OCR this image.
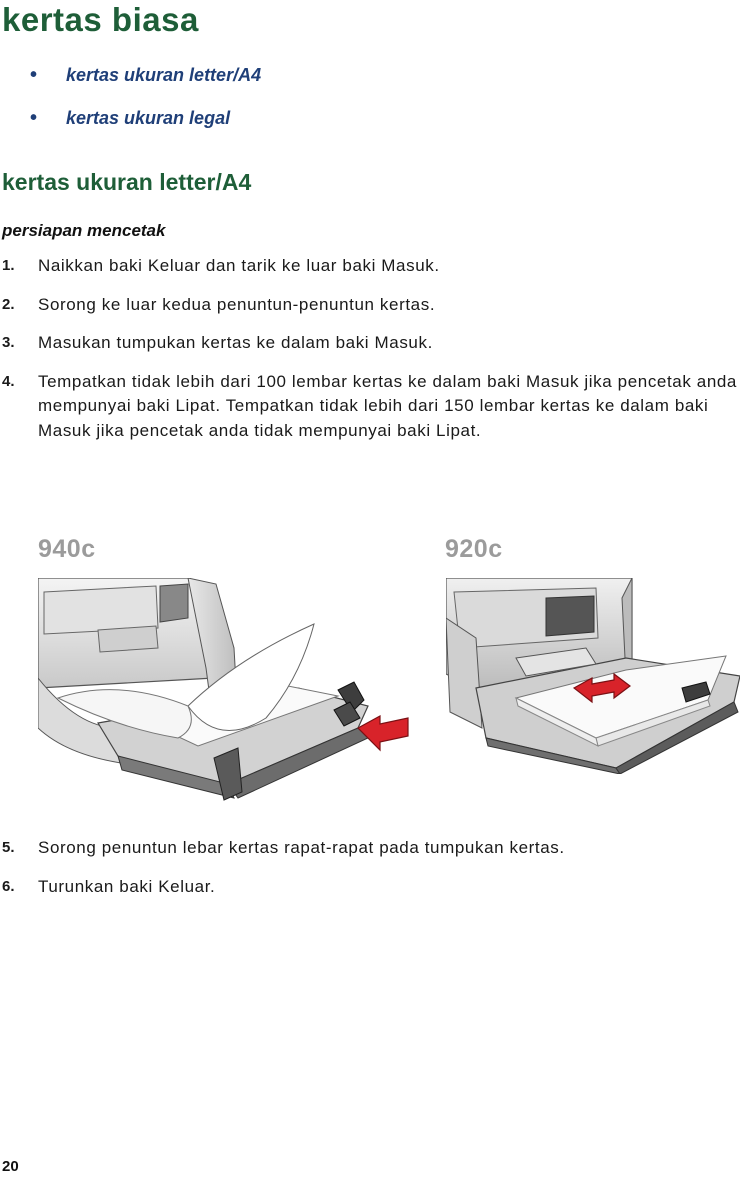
kertas biasa
• kertas ukuran letter/A4
• kertas ukuran legal
kertas ukuran letter/A4
persiapan mencetak
1. Naikkan baki Keluar dan tarik ke luar baki Masuk.
2. Sorong ke luar kedua penuntun-penuntun kertas.
3. Masukan tumpukan kertas ke dalam baki Masuk.
4. Tempatkan tidak lebih dari 100 lembar kertas ke dalam baki Masuk jika pencetak anda mempunyai baki Lipat. Tempatkan tidak lebih dari 150 lembar kertas ke dalam baki Masuk jika pencetak anda tidak mempunyai baki Lipat.
940c	920c
5. Sorong penuntun lebar kertas rapat-rapat pada tumpukan kertas.
6. Turunkan baki Keluar.
20
